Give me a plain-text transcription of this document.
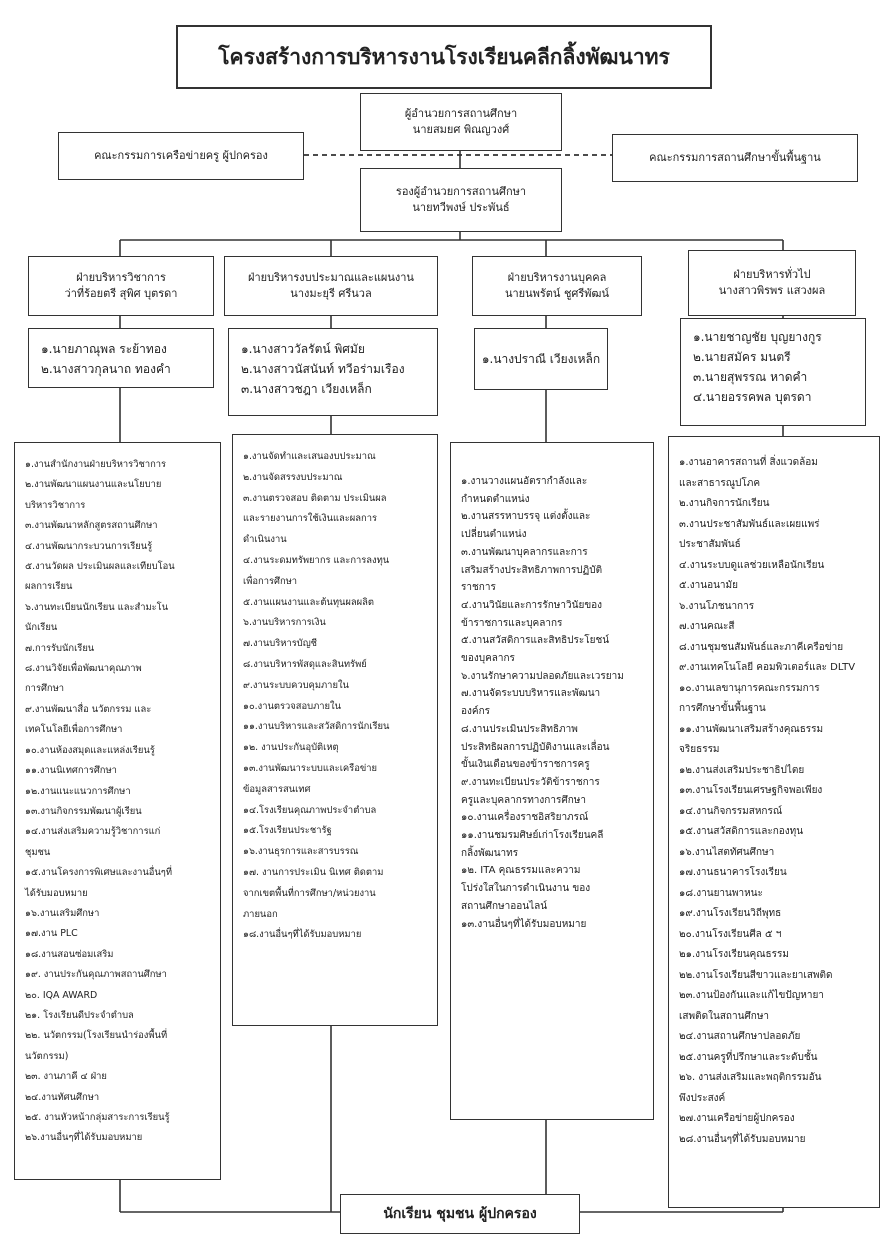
โครงสร้างการบริหารงานโรงเรียนคลีกลิ้งพัฒนาทร
ผู้อำนวยการสถานศึกษา
นายสมยศ พิณญวงศ์
คณะกรรมการเครือข่ายครู ผู้ปกครอง	คณะกรรมการสถานศึกษาขั้นพื้นฐาน
รองผู้อำนวยการสถานศึกษา
นายทวีพงษ์ ประพันธ์
ฝ่ายบริหารวิชาการ
ว่าที่ร้อยตรี สุพิศ บุตรดา
๑.นายภาณุพล ระย้าทอง
๒.นางสาวกุลนาถ ทองคำ
๑.งานสำนักงานฝ่ายบริหารวิชาการ
๒.งานพัฒนาแผนงานและนโยบาย
บริหารวิชาการ
๓.งานพัฒนาหลักสูตรสถานศึกษา
๔.งานพัฒนากระบวนการเรียนรู้
๕.งานวัดผล ประเมินผลและเทียบโอน
ผลการเรียน
๖.งานทะเบียนนักเรียน และสำมะโน
นักเรียน
๗.การรับนักเรียน
๘.งานวิจัยเพื่อพัฒนาคุณภาพ
การศึกษา
๙.งานพัฒนาสื่อ นวัตกรรม และ
เทคโนโลยีเพื่อการศึกษา
๑๐.งานห้องสมุดและแหล่งเรียนรู้
๑๑.งานนิเทศการศึกษา
๑๒.งานแนะแนวการศึกษา
๑๓.งานกิจกรรมพัฒนาผู้เรียน
๑๔.งานส่งเสริมความรู้วิชาการแก่
ชุมชน
๑๕.งานโครงการพิเศษและงานอื่นๆที่
ได้รับมอบหมาย
๑๖.งานเสริมศึกษา
๑๗.งาน PLC
๑๘.งานสอนซ่อมเสริม
๑๙. งานประกันคุณภาพสถานศึกษา
๒๐. IQA AWARD
๒๑. โรงเรียนดีประจำตำบล
๒๒. นวัตกรรม(โรงเรียนนำร่องพื้นที่
นวัตกรรม)
๒๓. งานภาคี ๔ ฝ่าย
๒๔.งานทัศนศึกษา
๒๕. งานหัวหน้ากลุ่มสาระการเรียนรู้
๒๖.งานอื่นๆที่ได้รับมอบหมาย
ฝ่ายบริหารงบประมาณและแผนงาน
นางมะยุรี ศรีนวล
๑.นางสาววัลรัตน์ พิศมัย
๒.นางสาวนัสนันท์ ทวีอร่ามเรือง
๓.นางสาวชฎา เวียงเหล็ก
๑.งานจัดทำและเสนองบประมาณ
๒.งานจัดสรรงบประมาณ
๓.งานตรวจสอบ ติดตาม ประเมินผล
และรายงานการใช้เงินและผลการ
ดำเนินงาน
๔.งานระดมทรัพยากร และการลงทุน
เพื่อการศึกษา
๕.งานแผนงานและต้นทุนผลผลิต
๖.งานบริหารการเงิน
๗.งานบริหารบัญชี
๘.งานบริหารพัสดุและสินทรัพย์
๙.งานระบบควบคุมภายใน
๑๐.งานตรวจสอบภายใน
๑๑.งานบริหารและสวัสดิการนักเรียน
๑๒. งานประกันอุบัติเหตุ
๑๓.งานพัฒนาระบบและเครือข่าย
ข้อมูลสารสนเทศ
๑๔.โรงเรียนคุณภาพประจำตำบล
๑๕.โรงเรียนประชารัฐ
๑๖.งานธุรการและสารบรรณ
๑๗. งานการประเมิน นิเทศ ติดตาม
จากเขตพื้นที่การศึกษา/หน่วยงาน
ภายนอก
๑๘.งานอื่นๆที่ได้รับมอบหมาย
ฝ่ายบริหารงานบุคคล
นายนพรัตน์ ชูศรีพัฒน์
๑.นางปราณี เวียงเหล็ก
๑.งานวางแผนอัตรากำลังและ
กำหนดตำแหน่ง
๒.งานสรรหาบรรจุ แต่งตั้งและ
เปลี่ยนตำแหน่ง
๓.งานพัฒนาบุคลากรและการ
เสริมสร้างประสิทธิภาพการปฏิบัติ
ราชการ
๔.งานวินัยและการรักษาวินัยของ
ข้าราชการและบุคลากร
๕.งานสวัสดิการและสิทธิประโยชน์
ของบุคลากร
๖.งานรักษาความปลอดภัยและเวรยาม
๗.งานจัดระบบบริหารและพัฒนา
องค์กร
๘.งานประเมินประสิทธิภาพ
ประสิทธิผลการปฏิบัติงานและเลื่อน
ขั้นเงินเดือนของข้าราชการครู
๙.งานทะเบียนประวัติข้าราชการ
ครูและบุคลากรทางการศึกษา
๑๐.งานเครื่องราชอิสริยาภรณ์
๑๑.งานชมรมศิษย์เก่าโรงเรียนคลี
กลิ้งพัฒนาทร
๑๒. ITA คุณธรรมและความ
โปร่งใสในการดำเนินงาน ของ
สถานศึกษาออนไลน์
๑๓.งานอื่นๆที่ได้รับมอบหมาย
ฝ่ายบริหารทั่วไป
นางสาวพิรพร แสวงผล
๑.นายชาญชัย บุญยางกูร
๒.นายสมัคร มนตรี
๓.นายสุพรรณ หาดคำ
๔.นายอรรคพล บุตรดา
๑.งานอาคารสถานที่ สิ่งแวดล้อม
และสาธารณูปโภค
๒.งานกิจการนักเรียน
๓.งานประชาสัมพันธ์และเผยแพร่
ประชาสัมพันธ์
๔.งานระบบดูแลช่วยเหลือนักเรียน
๕.งานอนามัย
๖.งานโภชนาการ
๗.งานคณะสี
๘.งานชุมชนสัมพันธ์และภาคีเครือข่าย
๙.งานเทคโนโลยี คอมพิวเตอร์และ DLTV
๑๐.งานเลขานุการคณะกรรมการ
การศึกษาขั้นพื้นฐาน
๑๑.งานพัฒนาเสริมสร้างคุณธรรม
จริยธรรม
๑๒.งานส่งเสริมประชาธิปไตย
๑๓.งานโรงเรียนเศรษฐกิจพอเพียง
๑๔.งานกิจกรรมสหกรณ์
๑๕.งานสวัสดิการและกองทุน
๑๖.งานไสตทัศนศึกษา
๑๗.งานธนาคารโรงเรียน
๑๘.งานยานพาหนะ
๑๙.งานโรงเรียนวิถีพุทธ
๒๐.งานโรงเรียนศีล ๕ ฯ
๒๑.งานโรงเรียนคุณธรรม
๒๒.งานโรงเรียนสีขาวและยาเสพติด
๒๓.งานป้องกันและแก้ไขปัญหายา
เสพติดในสถานศึกษา
๒๔.งานสถานศึกษาปลอดภัย
๒๕.งานครูที่ปรึกษาและระดับชั้น
๒๖. งานส่งเสริมและพฤติกรรมอัน
พึงประสงค์
๒๗.งานเครือข่ายผู้ปกครอง
๒๘.งานอื่นๆที่ได้รับมอบหมาย
นักเรียน ชุมชน ผู้ปกครอง
